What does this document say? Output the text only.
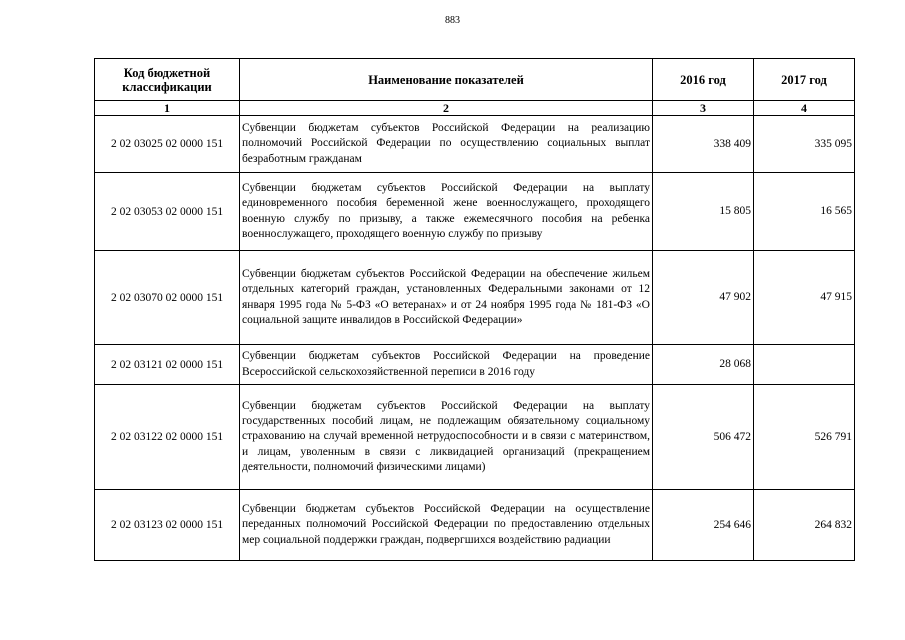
883
Код бюджетной классификации	Наименование показателей	2016 год	2017 год
1	2	3	4
2 02 03025 02 0000 151	Субвенции бюджетам субъектов Российской Федерации на реализацию полномочий Российской Федерации по осуществлению социальных выплат безработным гражданам	338 409	335 095
2 02 03053 02 0000 151	Субвенции бюджетам субъектов Российской Федерации на выплату единовременного пособия беременной жене военнослужащего, проходящего военную службу по призыву, а также ежемесячного пособия на ребенка военнослужащего, проходящего военную службу по призыву	15 805	16 565
2 02 03070 02 0000 151	Субвенции бюджетам субъектов Российской Федерации на обеспечение жильем отдельных категорий граждан, установленных Федеральными законами от 12 января 1995 года № 5-ФЗ «О ветеранах» и от 24 ноября 1995 года № 181-ФЗ «О социальной защите инвалидов в Российской Федерации»	47 902	47 915
2 02 03121 02 0000 151	Субвенции бюджетам субъектов Российской Федерации на проведение Всероссийской сельскохозяйственной переписи в 2016 году	28 068	
2 02 03122 02 0000 151	Субвенции бюджетам субъектов Российской Федерации на выплату государственных пособий лицам, не подлежащим обязательному социальному страхованию на случай временной нетрудоспособности и в связи с материнством, и лицам, уволенным в связи с ликвидацией организаций (прекращением деятельности, полномочий физическими лицами)	506 472	526 791
2 02 03123 02 0000 151	Субвенции бюджетам субъектов Российской Федерации на осуществление переданных полномочий Российской Федерации по предоставлению отдельных мер социальной поддержки граждан, подвергшихся воздействию радиации	254 646	264 832
